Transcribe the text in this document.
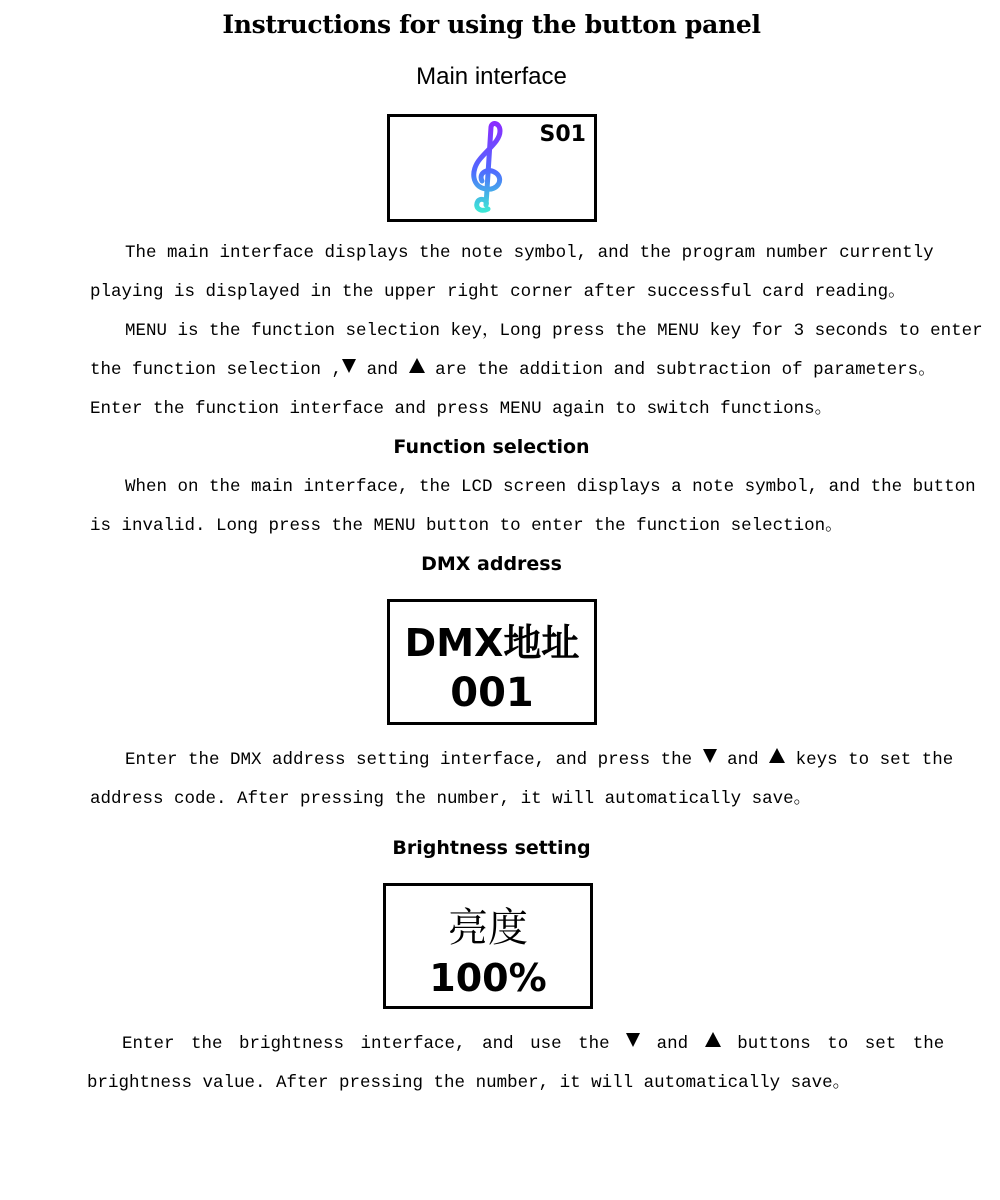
Instructions for using the button panel
Main interface
S01
The main interface displays the note symbol, and the program number currently
playing is displayed in the upper right corner after successful card reading。
MENU is the function selection key，Long press the MENU key for 3 seconds to enter
the function selection , and are the addition and subtraction of parameters。
Enter the function interface and press MENU again to switch functions。
Function selection
When on the main interface, the LCD screen displays a note symbol, and the button
is invalid. Long press the MENU button to enter the function selection。
DMX address
DMX地址
001
Enter the DMX address setting interface, and press the and keys to set the
address code. After pressing the number, it will automatically save。
Brightness setting
亮度
100%
Enter the brightness interface, and use the	and	buttons to set the
brightness value. After pressing the number, it will automatically save。
